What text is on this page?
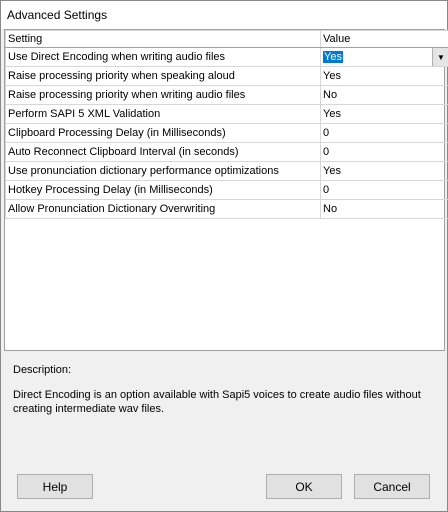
Advanced Settings
Setting	Value
Use Direct Encoding when writing audio files	Yes ▼

Raise processing priority when speaking aloud	Yes
Raise processing priority when writing audio files	No
Perform SAPI 5 XML Validation	Yes
Clipboard Processing Delay (in Milliseconds)	0
Auto Reconnect Clipboard Interval (in seconds)	0
Use pronunciation dictionary performance optimizations	Yes
Hotkey Processing Delay (in Milliseconds)	0
Allow Pronunciation Dictionary Overwriting	No
Description:
Direct Encoding is an option available with Sapi5 voices to create audio files without creating intermediate wav files.
Help	OK	Cancel
